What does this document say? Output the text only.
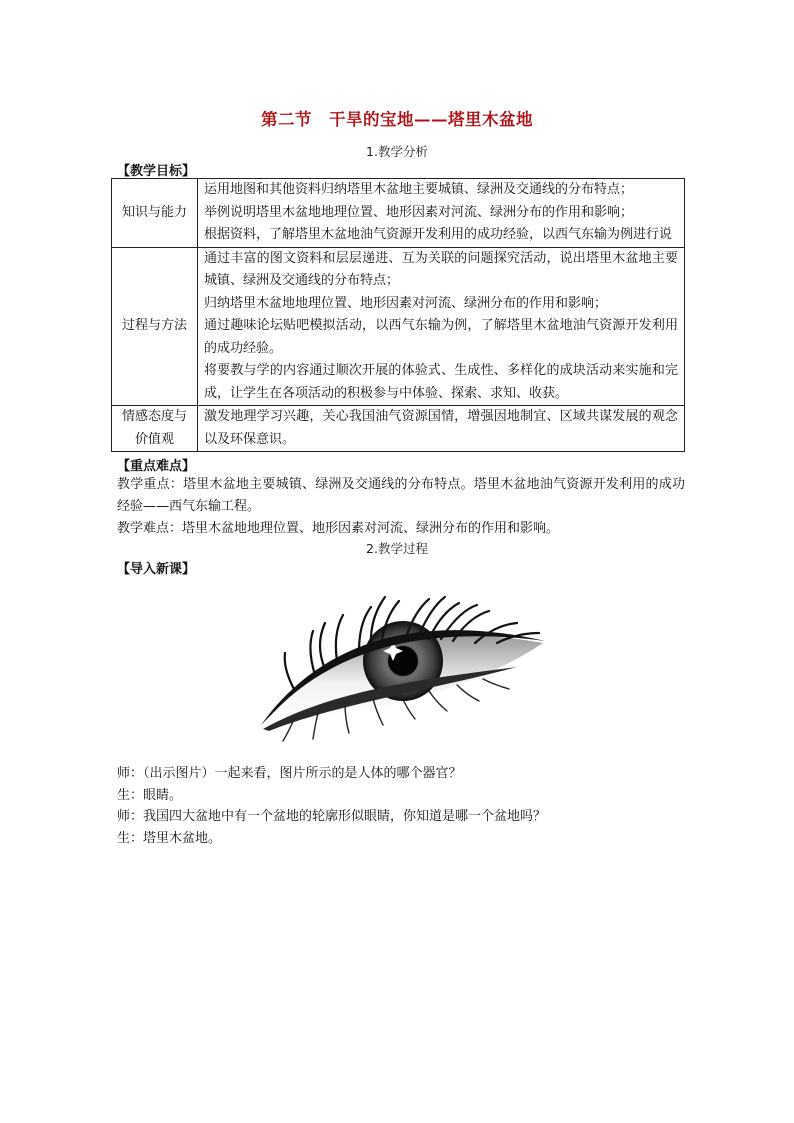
第二节　干旱的宝地——塔里木盆地
1.教学分析
【教学目标】
知识与能力	运用地图和其他资料归纳塔里木盆地主要城镇、绿洲及交通线的分布特点；
举例说明塔里木盆地地理位置、地形因素对河流、绿洲分布的作用和影响；
根据资料，了解塔里木盆地油气资源开发利用的成功经验，以西气东输为例进行说

过程与方法	通过丰富的图文资料和层层递进、互为关联的问题探究活动，说出塔里木盆地主要城镇、绿洲及交通线的分布特点；
归纳塔里木盆地地理位置、地形因素对河流、绿洲分布的作用和影响；
通过趣味论坛贴吧模拟活动，以西气东输为例，了解塔里木盆地油气资源开发利用的成功经验。
将要教与学的内容通过顺次开展的体验式、生成性、多样化的成块活动来实施和完成，让学生在各项活动的积极参与中体验、探索、求知、收获。

情感态度与价值观	激发地理学习兴趣，关心我国油气资源国情，增强因地制宜、区域共谋发展的观念以及环保意识。
【重点难点】
教学重点：塔里木盆地主要城镇、绿洲及交通线的分布特点。塔里木盆地油气资源开发利用的成功经验——西气东输工程。
教学难点：塔里木盆地地理位置、地形因素对河流、绿洲分布的作用和影响。
2.教学过程
【导入新课】
师：（出示图片）一起来看，图片所示的是人体的哪个器官？
生：眼睛。
师：我国四大盆地中有一个盆地的轮廓形似眼睛，你知道是哪一个盆地吗？
生：塔里木盆地。
